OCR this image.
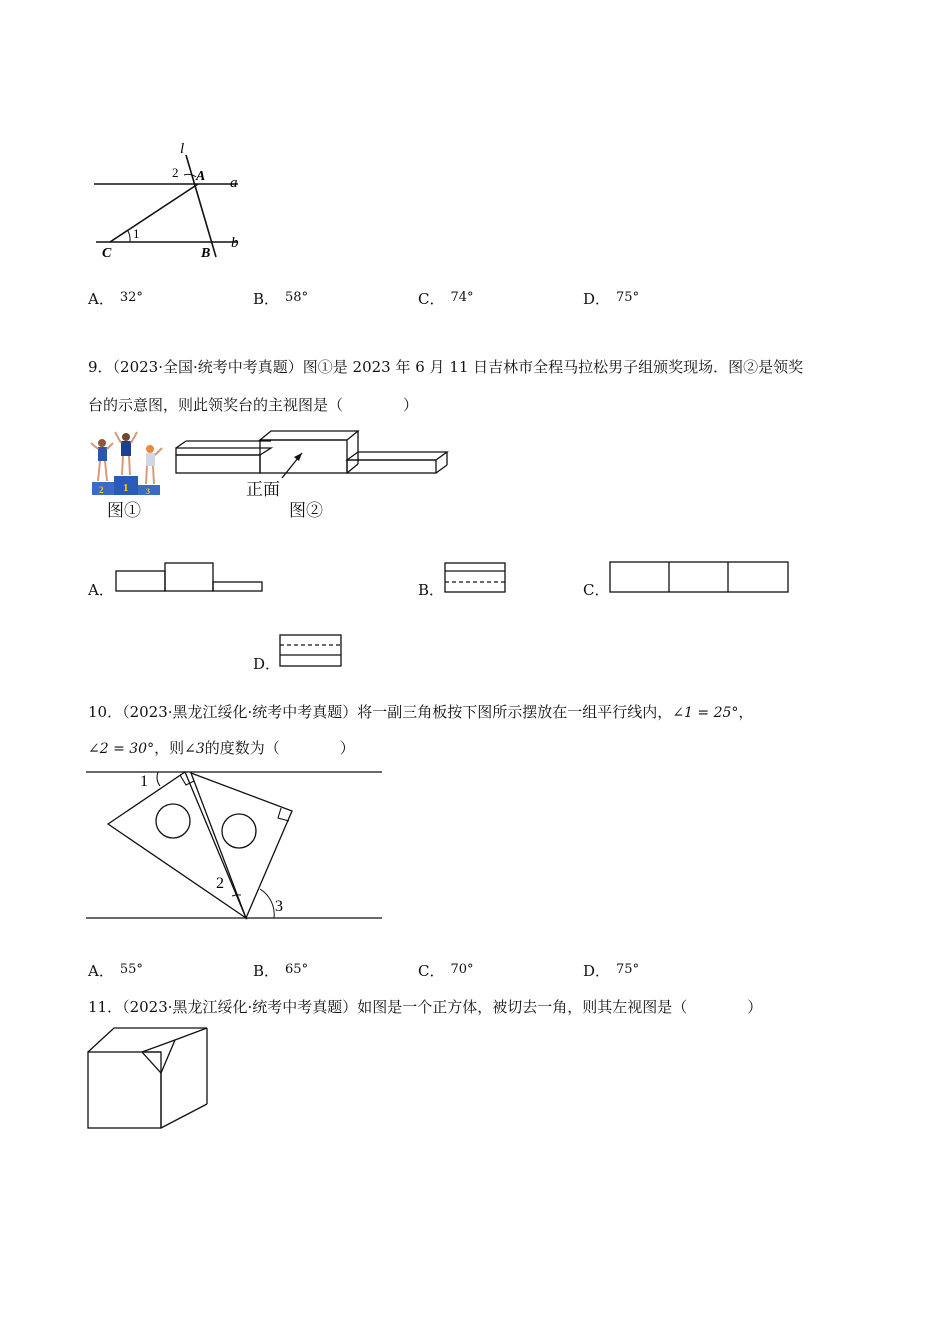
l
2 A a
1
b
C	B
A． 32°	B． 58°	C． 74°	D． 75°
9．（2023·全国·统考中考真题）图①是 2023 年 6 月 11 日吉林市全程马拉松男子组颁奖现场．图②是领奖
台的示意图，则此领奖台的主视图是（　　　　）
2 1 3
图①
正面
图②
A．	B．	C．
D．
10．（2023·黑龙江绥化·统考中考真题）将一副三角板按下图所示摆放在一组平行线内，∠1 = 25°，
∠2 = 30°，则∠3的度数为（　　　　）
1
2
3
A． 55°	B． 65°	C． 70°	D． 75°
11．（2023·黑龙江绥化·统考中考真题）如图是一个正方体，被切去一角，则其左视图是（　　　　）
